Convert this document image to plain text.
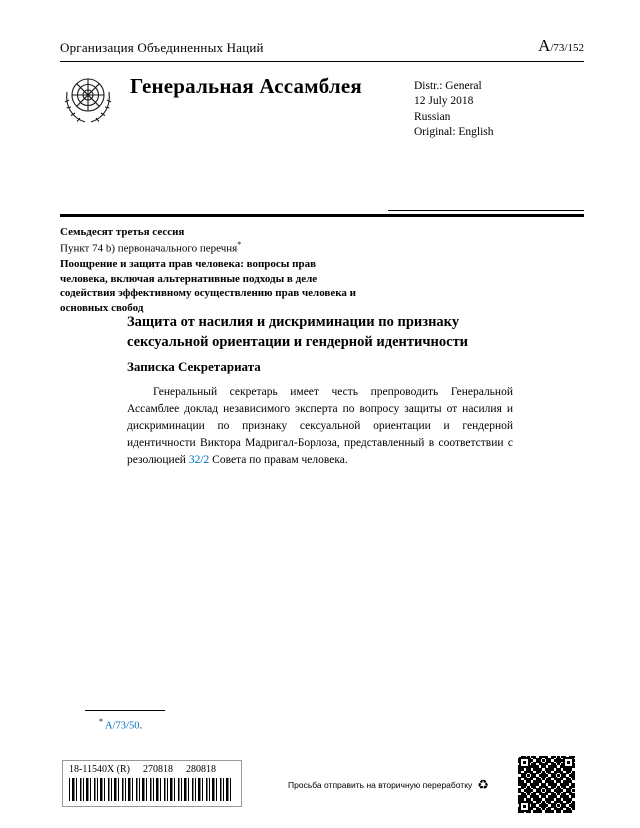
Организация Объединенных Наций	A/73/152
Генеральная Ассамблея	Distr.: General
12 July 2018
Russian
Original: English
Семьдесят третья сессия
Пункт 74 b) первоначального перечня*
Поощрение и защита прав человека: вопросы прав человека, включая альтернативные подходы в деле содействия эффективному осуществлению прав человека и основных свобод
Защита от насилия и дискриминации по признаку сексуальной ориентации и гендерной идентичности
Записка Секретариата

Генеральный секретарь имеет честь препроводить Генеральной Ассамблее доклад независимого эксперта по вопросу защиты от насилия и дискриминации по признаку сексуальной ориентации и гендерной идентичности Виктора Мадригал-Борлоза, представленный в соответствии с резолюцией 32/2 Совета по правам человека.

* A/73/50.
18-11540X (R) 270818 280818
Просьба отправить на вторичную переработку ♻
